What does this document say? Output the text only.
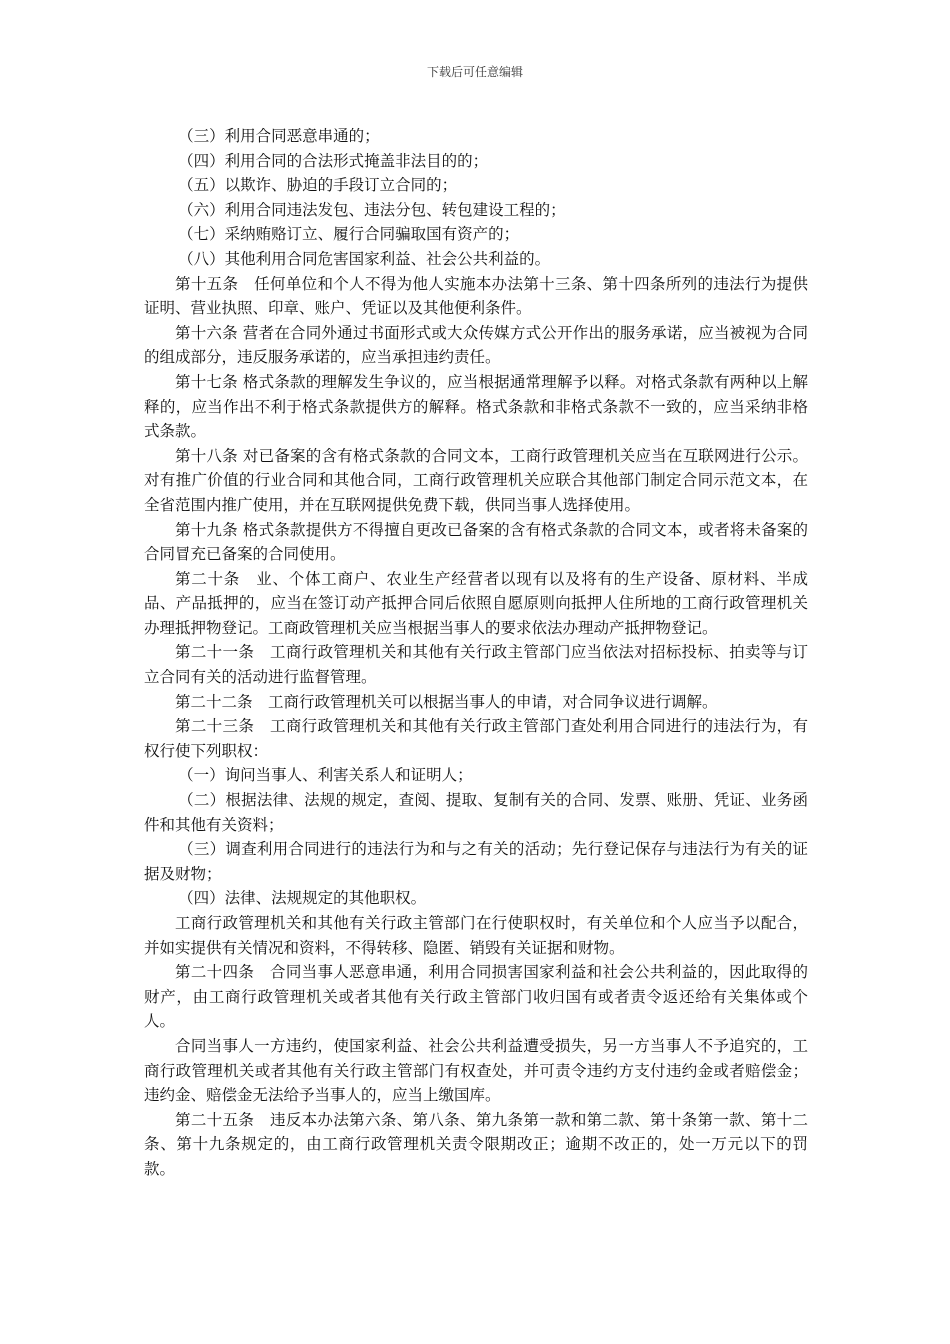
下载后可任意编辑

（三）利用合同恶意串通的；

（四）利用合同的合法形式掩盖非法目的的；

（五）以欺诈、胁迫的手段订立合同的；

（六）利用合同违法发包、违法分包、转包建设工程的；

（七）采纳贿赂订立、履行合同骗取国有资产的；

（八）其他利用合同危害国家利益、社会公共利益的。

第十五条　任何单位和个人不得为他人实施本办法第十三条、第十四条所列的违法行为提供证明、营业执照、印章、账户、凭证以及其他便利条件。

第十六条 营者在合同外通过书面形式或大众传媒方式公开作出的服务承诺，应当被视为合同的组成部分，违反服务承诺的，应当承担违约责任。

第十七条 格式条款的理解发生争议的，应当根据通常理解予以释。对格式条款有两种以上解释的，应当作出不利于格式条款提供方的解释。格式条款和非格式条款不一致的，应当采纳非格式条款。

第十八条 对已备案的含有格式条款的合同文本，工商行政管理机关应当在互联网进行公示。对有推广价值的行业合同和其他合同，工商行政管理机关应联合其他部门制定合同示范文本，在全省范围内推广使用，并在互联网提供免费下载，供同当事人选择使用。

第十九条 格式条款提供方不得擅自更改已备案的含有格式条款的合同文本，或者将未备案的合同冒充已备案的合同使用。

第二十条　业、个体工商户、农业生产经营者以现有以及将有的生产设备、原材料、半成品、产品抵押的，应当在签订动产抵押合同后依照自愿原则向抵押人住所地的工商行政管理机关办理抵押物登记。工商政管理机关应当根据当事人的要求依法办理动产抵押物登记。

第二十一条　工商行政管理机关和其他有关行政主管部门应当依法对招标投标、拍卖等与订立合同有关的活动进行监督管理。

第二十二条　工商行政管理机关可以根据当事人的申请，对合同争议进行调解。

第二十三条　工商行政管理机关和其他有关行政主管部门查处利用合同进行的违法行为，有权行使下列职权：

（一）询问当事人、利害关系人和证明人；

（二）根据法律、法规的规定，查阅、提取、复制有关的合同、发票、账册、凭证、业务函件和其他有关资料；

（三）调查利用合同进行的违法行为和与之有关的活动；先行登记保存与违法行为有关的证据及财物；

（四）法律、法规规定的其他职权。

工商行政管理机关和其他有关行政主管部门在行使职权时，有关单位和个人应当予以配合，并如实提供有关情况和资料，不得转移、隐匿、销毁有关证据和财物。

第二十四条　合同当事人恶意串通，利用合同损害国家利益和社会公共利益的，因此取得的财产，由工商行政管理机关或者其他有关行政主管部门收归国有或者责令返还给有关集体或个人。

合同当事人一方违约，使国家利益、社会公共利益遭受损失，另一方当事人不予追究的，工商行政管理机关或者其他有关行政主管部门有权查处，并可责令违约方支付违约金或者赔偿金；违约金、赔偿金无法给予当事人的，应当上缴国库。

第二十五条　违反本办法第六条、第八条、第九条第一款和第二款、第十条第一款、第十二条、第十九条规定的，由工商行政管理机关责令限期改正；逾期不改正的，处一万元以下的罚款。
